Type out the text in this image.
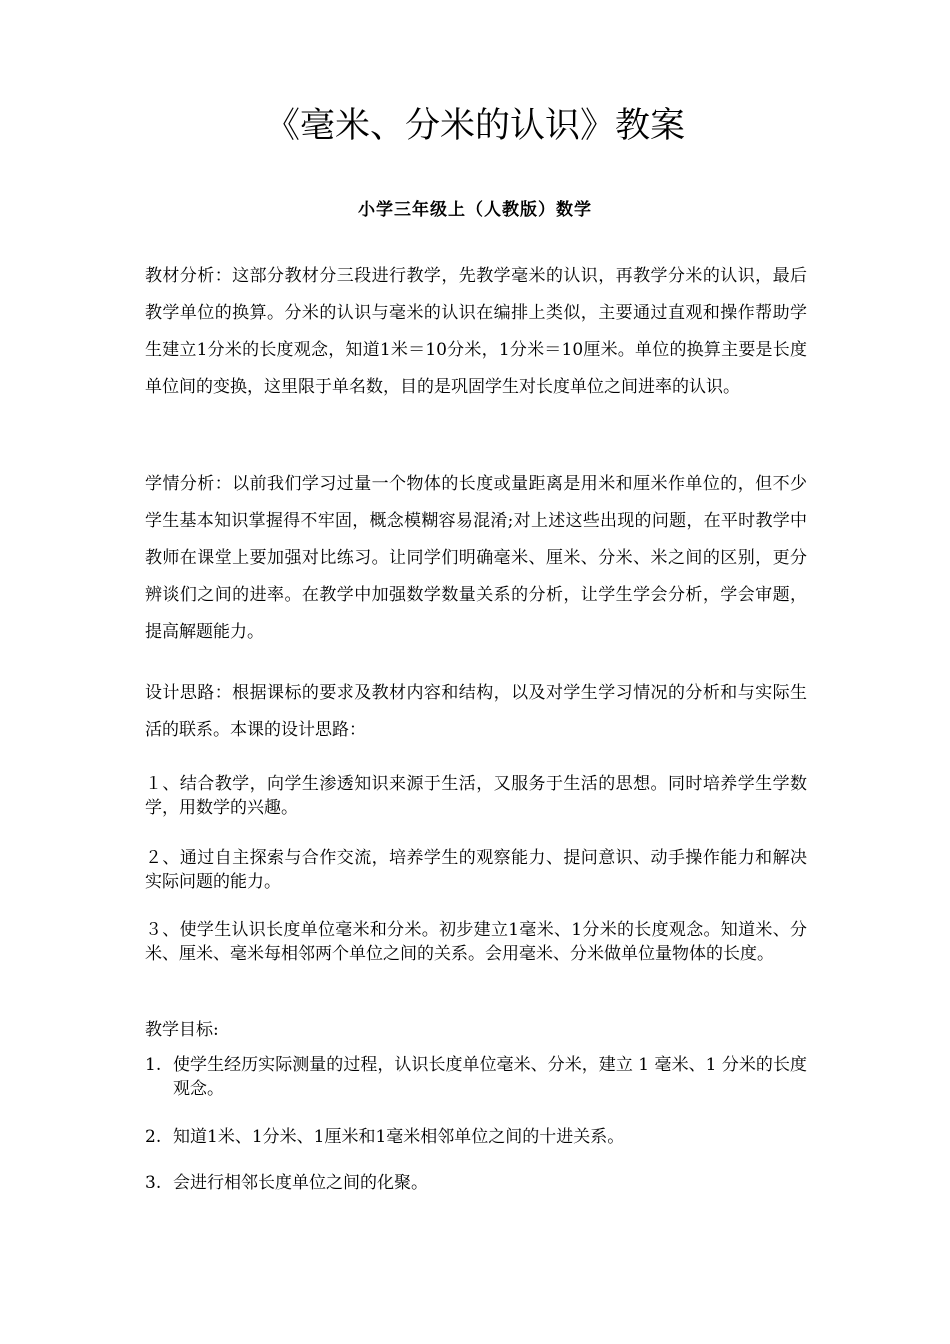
《毫米、分米的认识》教案
小学三年级上（人教版）数学

教材分析：这部分教材分三段进行教学，先教学毫米的认识，再教学分米的认识，最后教学单位的换算。分米的认识与毫米的认识在编排上类似，主要通过直观和操作帮助学生建立1分米的长度观念，知道1米＝10分米，1分米＝10厘米。单位的换算主要是长度单位间的变换，这里限于单名数，目的是巩固学生对长度单位之间进率的认识。

学情分析：以前我们学习过量一个物体的长度或量距离是用米和厘米作单位的，但不少学生基本知识掌握得不牢固，概念模糊容易混淆;对上述这些出现的问题，在平时教学中教师在课堂上要加强对比练习。让同学们明确毫米、厘米、分米、米之间的区别，更分辨谈们之间的进率。在教学中加强数学数量关系的分析，让学生学会分析，学会审题，提高解题能力。

设计思路：根据课标的要求及教材内容和结构，以及对学生学习情况的分析和与实际生活的联系。本课的设计思路：

１、结合教学，向学生渗透知识来源于生活，又服务于生活的思想。同时培养学生学数学，用数学的兴趣。

２、通过自主探索与合作交流，培养学生的观察能力、提问意识、动手操作能力和解决实际问题的能力。

３、使学生认识长度单位毫米和分米。初步建立1毫米、1分米的长度观念。知道米、分米、厘米、毫米每相邻两个单位之间的关系。会用毫米、分米做单位量物体的长度。

教学目标:

1. 使学生经历实际测量的过程，认识长度单位毫米、分米，建立 1 毫米、1 分米的长度观念。

2. 知道1米、1分米、1厘米和1毫米相邻单位之间的十进关系。

3. 会进行相邻长度单位之间的化聚。
